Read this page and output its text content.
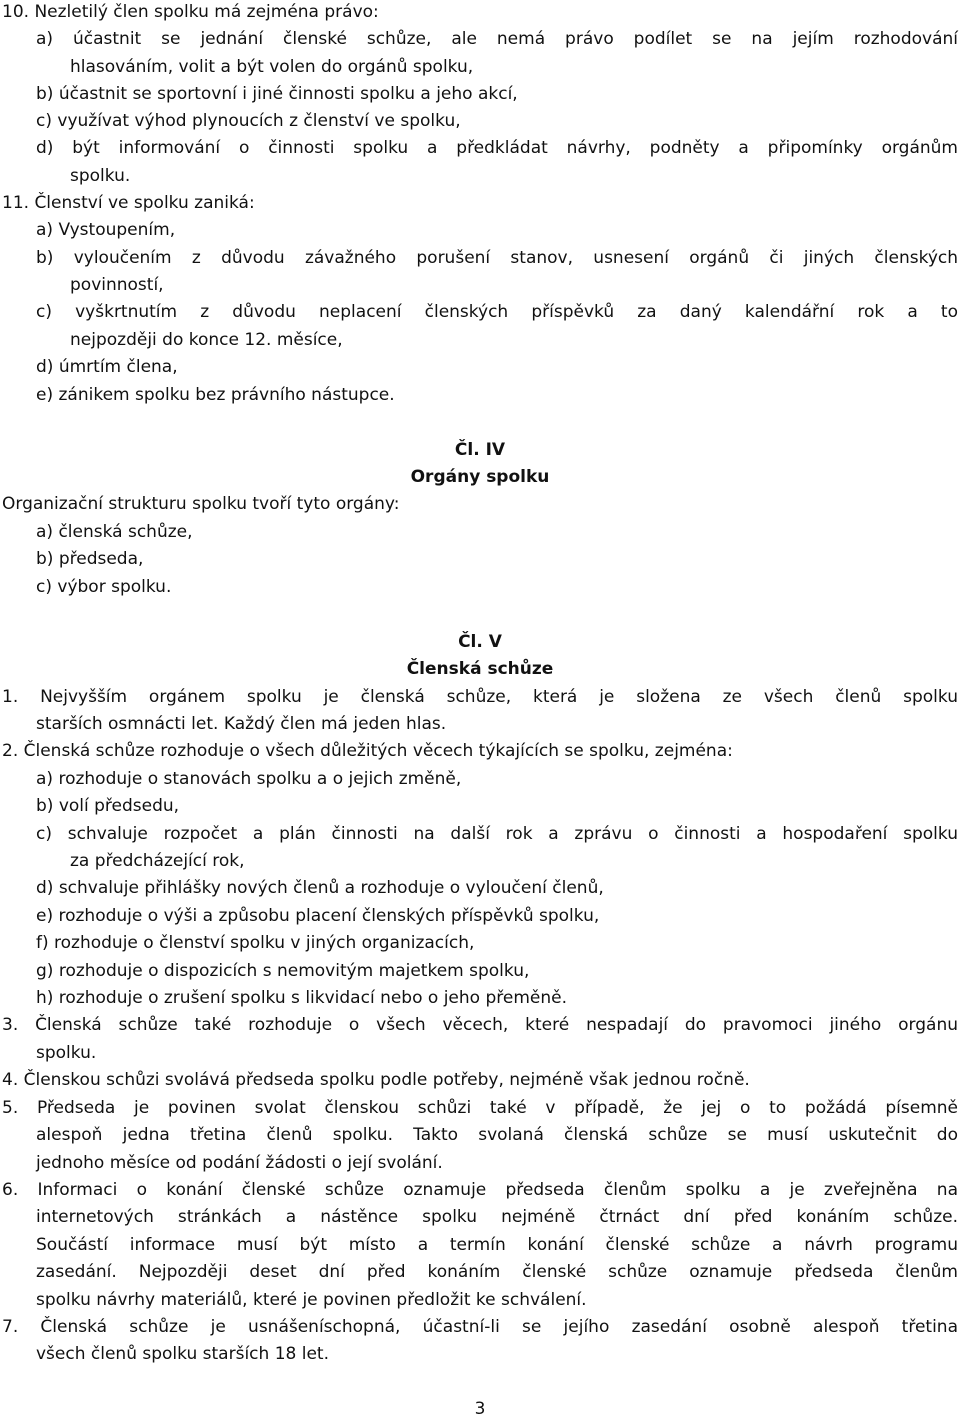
10. Nezletilý člen spolku má zejména právo:
a) účastnit se jednání členské schůze, ale nemá právo podílet se na jejím rozhodování
hlasováním, volit a být volen do orgánů spolku,
b) účastnit se sportovní i jiné činnosti spolku a jeho akcí,
c) využívat výhod plynoucích z členství ve spolku,
d) být informování o činnosti spolku a předkládat návrhy, podněty a připomínky orgánům
spolku.
11. Členství ve spolku zaniká:
a) Vystoupením,
b) vyloučením z důvodu závažného porušení stanov, usnesení orgánů či jiných členských
povinností,
c) vyškrtnutím z důvodu neplacení členských příspěvků za daný kalendářní rok a to
nejpozději do konce 12. měsíce,
d) úmrtím člena,
e) zánikem spolku bez právního nástupce.
Čl. IV
Orgány spolku
Organizační strukturu spolku tvoří tyto orgány:
a) členská schůze,
b) předseda,
c) výbor spolku.
Čl. V
Členská schůze
1. Nejvyšším orgánem spolku je členská schůze, která je složena ze všech členů spolku
starších osmnácti let. Každý člen má jeden hlas.
2. Členská schůze rozhoduje o všech důležitých věcech týkajících se spolku, zejména:
a) rozhoduje o stanovách spolku a o jejich změně,
b) volí předsedu,
c) schvaluje rozpočet a plán činnosti na další rok a zprávu o činnosti a hospodaření spolku
za předcházející rok,
d) schvaluje přihlášky nových členů a rozhoduje o vyloučení členů,
e) rozhoduje o výši a způsobu placení členských příspěvků spolku,
f) rozhoduje o členství spolku v jiných organizacích,
g) rozhoduje o dispozicích s nemovitým majetkem spolku,
h) rozhoduje o zrušení spolku s likvidací nebo o jeho přeměně.
3. Členská schůze také rozhoduje o všech věcech, které nespadají do pravomoci jiného orgánu
spolku.
4. Členskou schůzi svolává předseda spolku podle potřeby, nejméně však jednou ročně.
5. Předseda je povinen svolat členskou schůzi také v případě, že jej o to požádá písemně
alespoň jedna třetina členů spolku. Takto svolaná členská schůze se musí uskutečnit do
jednoho měsíce od podání žádosti o její svolání.
6. Informaci o konání členské schůze oznamuje předseda členům spolku a je zveřejněna na
internetových stránkách a nástěnce spolku nejméně čtrnáct dní před konáním schůze.
Součástí informace musí být místo a termín konání členské schůze a návrh programu
zasedání. Nejpozději deset dní před konáním členské schůze oznamuje předseda členům
spolku návrhy materiálů, které je povinen předložit ke schválení.
7. Členská schůze je usnášeníschopná, účastní-li se jejího zasedání osobně alespoň třetina
všech členů spolku starších 18 let.
3
